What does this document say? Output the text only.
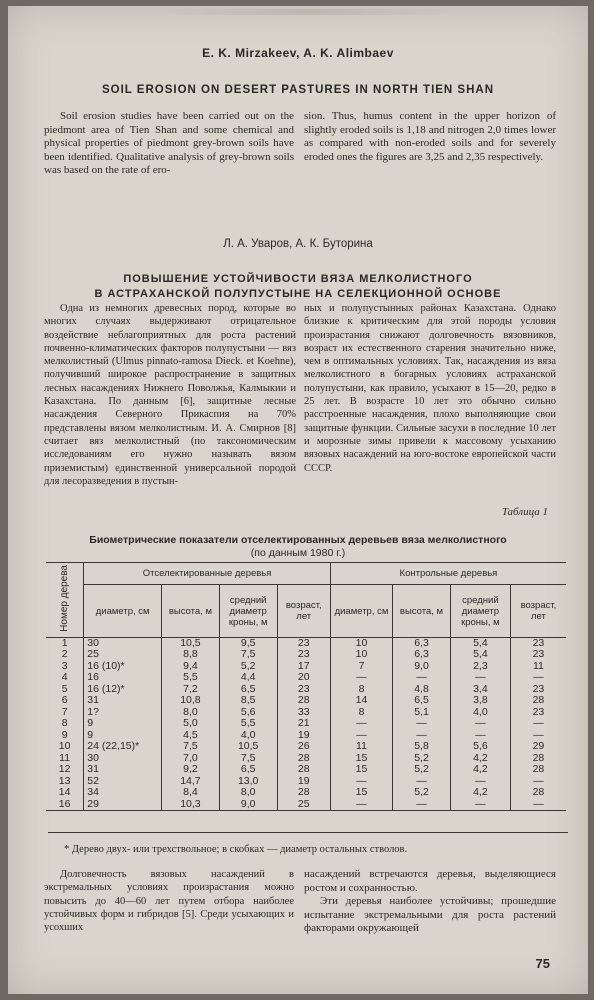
E. K. Mirzakeev, A. K. Alimbaev
SOIL EROSION ON DESERT PASTURES IN NORTH TIEN SHAN

Soil erosion studies have been carried out on the piedmont area of Tien Shan and some chemical and physical properties of piedmont grey-brown soils have been identified. Qualitative analysis of grey-brown soils was based on the rate of ero-

sion. Thus, humus content in the upper horizon of slightly eroded soils is 1,18 and nitrogen 2,0 times lower as compared with non-eroded soils and for severely eroded ones the figures are 3,25 and 2,35 respectively.

Л. А. Уваров, А. К. Буторина
ПОВЫШЕНИЕ УСТОЙЧИВОСТИ ВЯЗА МЕЛКОЛИСТНОГО
В АСТРАХАНСКОЙ ПОЛУПУСТЫНЕ НА СЕЛЕКЦИОННОЙ ОСНОВЕ

Одна из немногих древесных пород, которые во многих случаях выдерживают отрицательное воздействие неблагоприятных для роста растений почвенно-климатических факторов полупустыни — вяз мелколистный (Ulmus pinnato-ramosa Dieck. et Koehne), получивший широкое распространение в защитных лесных насаждениях Нижнего Поволжья, Калмыкии и Казахстана. По данным [6], защитные лесные насаждения Северного Прикаспия на 70% представлены вязом мелколистным. И. А. Смирнов [8] считает вяз мелколистный (по таксономическим исследованиям его нужно называть вязом приземистым) единственной универсальной породой для лесоразведения в пустын-

ных и полупустынных районах Казахстана. Однако близкие к критическим для этой породы условия произрастания снижают долговечность вязовников, возраст их естественного старения значительно ниже, чем в оптимальных условиях. Так, насаждения из вяза мелколистного в богарных условиях астраханской полупустыни, как правило, усыхают в 15—20, редко в 25 лет. В возрасте 10 лет это обычно сильно расстроенные насаждения, плохо выполняющие свои защитные функции. Сильные засухи в последние 10 лет и морозные зимы привели к массовому усыханию вязовых насаждений на юго-востоке европейской части СССР.

Таблица 1
Биометрические показатели отселектированных деревьев вяза мелколистного
(по данным 1980 г.)
Номер дерева	Отселектированные деревья				Контрольные деревья			
	диаметр, см	высота, м	средний диаметр кроны, м	возраст, лет	диаметр, см	высота, м	средний диаметр кроны, м	возраст, лет
1	30	10,5	9,5	23	10	6,3	5,4	23
2	25	8,8	7,5	23	10	6,3	5,4	23
3	16 (10)*	9,4	5,2	17	7	9,0	2,3	11
4	16	5,5	4,4	20	—	—	—	—
5	16 (12)*	7,2	6,5	23	8	4,8	3,4	23
6	31	10,8	8,5	28	14	6,5	3,8	28
7	1?	8,0	5,6	33	8	5,1	4,0	23
8	9	5,0	5,5	21	—	—	—	—
9	9	4,5	4,0	19	—	—	—	—
10	24 (22,15)*	7,5	10,5	26	11	5,8	5,6	29
11	30	7,0	7,5	28	15	5,2	4,2	28
12	31	9,2	6,5	28	15	5,2	4,2	28
13	52	14,7	13,0	19	—	—	—	—
14	34	8,4	8,0	28	15	5,2	4,2	28
16	29	10,3	9,0	25	—	—	—	—
* Дерево двух- или трехствольное; в скобках — диаметр остальных стволов.

Долговечность вязовых насаждений в экстремальных условиях произрастания можно повысить до 40—60 лет путем отбора наиболее устойчивых форм и гибридов [5]. Среди усыхающих и усохших

насаждений встречаются деревья, выделяющиеся ростом и сохранностью.

Эти деревья наиболее устойчивы; прошедшие испытание экстремальными для роста растений факторами окружающей

75
